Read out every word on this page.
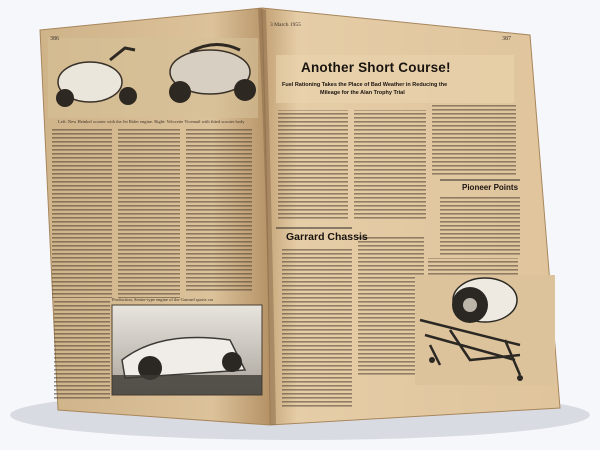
386
Left: New Heinkel scooter with the Jet Rider engine. Right: Velocette Vicemail with fitted scooter body
Production, Senior-type engine of the Garrard sports car
3 March 1955
387
Another Short Course!
Fuel Rationing Takes the Place of Bad Weather in Reducing the
Mileage for the Alan Trophy Trial
Garrard Chassis
Pioneer Points
